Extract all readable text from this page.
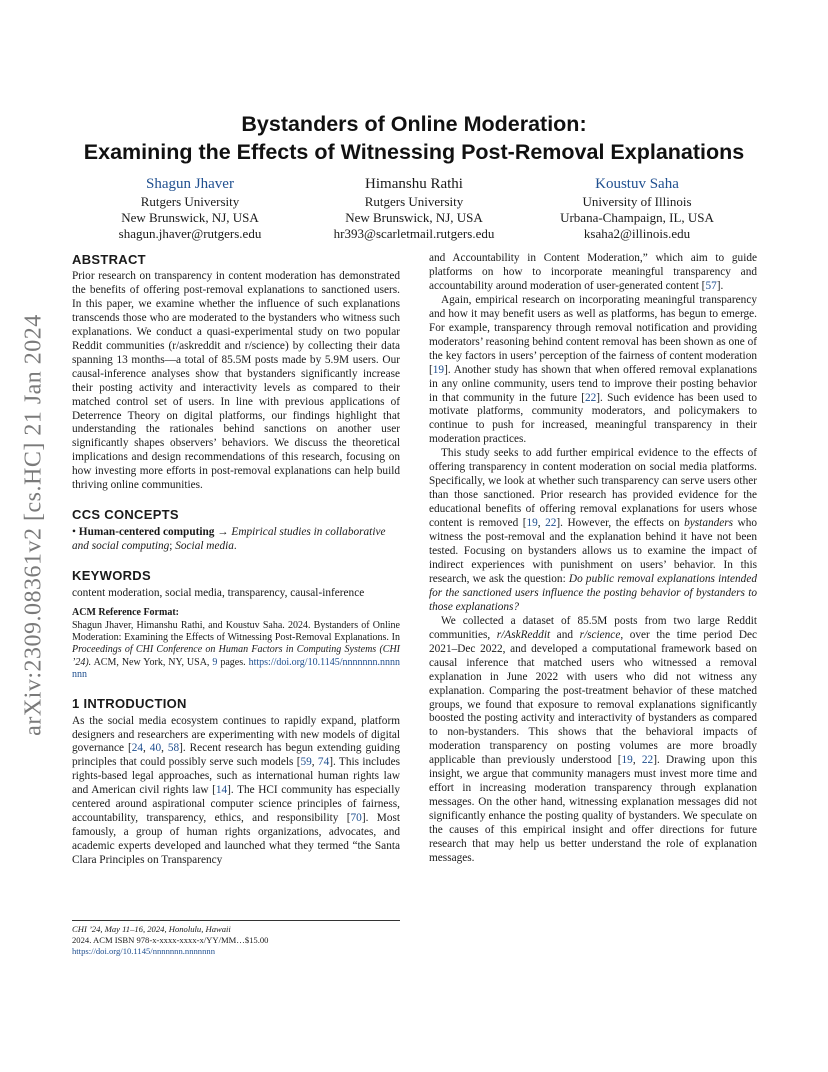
arXiv:2309.08361v2 [cs.HC] 21 Jan 2024
Bystanders of Online Moderation:
Examining the Effects of Witnessing Post-Removal Explanations
Shagun Jhaver
Rutgers University
New Brunswick, NJ, USA
shagun.jhaver@rutgers.edu
Himanshu Rathi
Rutgers University
New Brunswick, NJ, USA
hr393@scarletmail.rutgers.edu
Koustuv Saha
University of Illinois
Urbana-Champaign, IL, USA
ksaha2@illinois.edu
ABSTRACT

Prior research on transparency in content moderation has demonstrated the benefits of offering post-removal explanations to sanctioned users. In this paper, we examine whether the influence of such explanations transcends those who are moderated to the bystanders who witness such explanations. We conduct a quasi-experimental study on two popular Reddit communities (r/askreddit and r/science) by collecting their data spanning 13 months—a total of 85.5M posts made by 5.9M users. Our causal-inference analyses show that bystanders significantly increase their posting activity and interactivity levels as compared to their matched control set of users. In line with previous applications of Deterrence Theory on digital platforms, our findings highlight that understanding the rationales behind sanctions on another user significantly shapes observers’ behaviors. We discuss the theoretical implications and design recommendations of this research, focusing on how investing more efforts in post-removal explanations can help build thriving online communities.

CCS CONCEPTS

• Human-centered computing → Empirical studies in collaborative and social computing; Social media.

KEYWORDS

content moderation, social media, transparency, causal-inference

ACM Reference Format:

Shagun Jhaver, Himanshu Rathi, and Koustuv Saha. 2024. Bystanders of Online Moderation: Examining the Effects of Witnessing Post-Removal Explanations. In Proceedings of CHI Conference on Human Factors in Computing Systems (CHI ’24). ACM, New York, NY, USA, 9 pages. https://doi.org/10.1145/nnnnnnn.nnnnnnn

1 INTRODUCTION

As the social media ecosystem continues to rapidly expand, platform designers and researchers are experimenting with new models of digital governance [24, 40, 58]. Recent research has begun extending guiding principles that could possibly serve such models [59, 74]. This includes rights-based legal approaches, such as international human rights law and American civil rights law [14]. The HCI community has especially centered around aspirational computer science principles of fairness, accountability, transparency, ethics, and responsibility [70]. Most famously, a group of human rights organizations, advocates, and academic experts developed and launched what they termed “the Santa Clara Principles on Transparency

and Accountability in Content Moderation,” which aim to guide platforms on how to incorporate meaningful transparency and accountability around moderation of user-generated content [57].

Again, empirical research on incorporating meaningful transparency and how it may benefit users as well as platforms, has begun to emerge. For example, transparency through removal notification and providing moderators’ reasoning behind content removal has been shown as one of the key factors in users’ perception of the fairness of content moderation [19]. Another study has shown that when offered removal explanations in any online community, users tend to improve their posting behavior in that community in the future [22]. Such evidence has been used to motivate platforms, community moderators, and policymakers to continue to push for increased, meaningful transparency in their moderation practices.

This study seeks to add further empirical evidence to the effects of offering transparency in content moderation on social media platforms. Specifically, we look at whether such transparency can serve users other than those sanctioned. Prior research has provided evidence for the educational benefits of offering removal explanations for users whose content is removed [19, 22]. However, the effects on bystanders who witness the post-removal and the explanation behind it have not been tested. Focusing on bystanders allows us to examine the impact of indirect experiences with punishment on users’ behavior. In this research, we ask the question: Do public removal explanations intended for the sanctioned users influence the posting behavior of bystanders to those explanations?

We collected a dataset of 85.5M posts from two large Reddit communities, r/AskReddit and r/science, over the time period Dec 2021–Dec 2022, and developed a computational framework based on causal inference that matched users who witnessed a removal explanation in June 2022 with users who did not witness any explanation. Comparing the post-treatment behavior of these matched groups, we found that exposure to removal explanations significantly boosted the posting activity and interactivity of bystanders as compared to non-bystanders. This shows that the behavioral impacts of moderation transparency on posting volumes are more broadly applicable than previously understood [19, 22]. Drawing upon this insight, we argue that community managers must invest more time and effort in increasing moderation transparency through explanation messages. On the other hand, witnessing explanation messages did not significantly enhance the posting quality of bystanders. We speculate on the causes of this empirical insight and offer directions for future research that may help us better understand the role of explanation messages.

CHI ’24, May 11–16, 2024, Honolulu, Hawaii
2024. ACM ISBN 978-x-xxxx-xxxx-x/YY/MM…$15.00
https://doi.org/10.1145/nnnnnnn.nnnnnnn
